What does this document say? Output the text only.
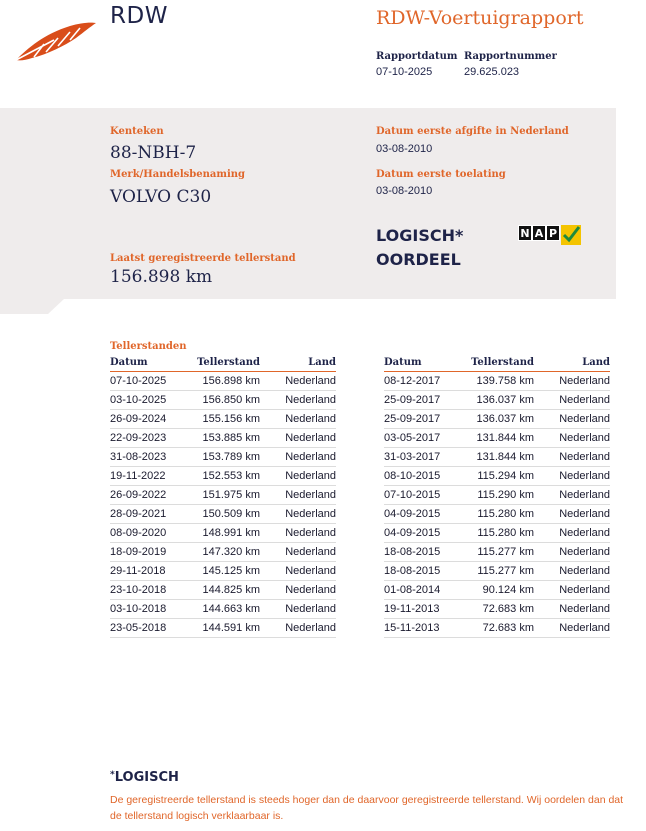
RDW	RDW-Voertuigrapport
Rapportdatum
07-10-2025
Rapportnummer
29.625.023
Kenteken
88-NBH-7
Merk/Handelsbenaming
VOLVO C30
Datum eerste afgifte in Nederland
03-08-2010
Datum eerste toelating
03-08-2010
LOGISCH*
OORDEEL
N A P
Laatst geregistreerde tellerstand
156.898 km
Tellerstanden
Datum	Tellerstand	Land
07-10-2025	156.898 km	Nederland
03-10-2025	156.850 km	Nederland
26-09-2024	155.156 km	Nederland
22-09-2023	153.885 km	Nederland
31-08-2023	153.789 km	Nederland
19-11-2022	152.553 km	Nederland
26-09-2022	151.975 km	Nederland
28-09-2021	150.509 km	Nederland
08-09-2020	148.991 km	Nederland
18-09-2019	147.320 km	Nederland
29-11-2018	145.125 km	Nederland
23-10-2018	144.825 km	Nederland
03-10-2018	144.663 km	Nederland
23-05-2018	144.591 km	Nederland
Datum	Tellerstand	Land
08-12-2017	139.758 km	Nederland
25-09-2017	136.037 km	Nederland
25-09-2017	136.037 km	Nederland
03-05-2017	131.844 km	Nederland
31-03-2017	131.844 km	Nederland
08-10-2015	115.294 km	Nederland
07-10-2015	115.290 km	Nederland
04-09-2015	115.280 km	Nederland
04-09-2015	115.280 km	Nederland
18-08-2015	115.277 km	Nederland
18-08-2015	115.277 km	Nederland
01-08-2014	90.124 km	Nederland
19-11-2013	72.683 km	Nederland
15-11-2013	72.683 km	Nederland
*LOGISCH
De geregistreerde tellerstand is steeds hoger dan de daarvoor geregistreerde tellerstand. Wij oordelen dan dat de tellerstand logisch verklaarbaar is.
